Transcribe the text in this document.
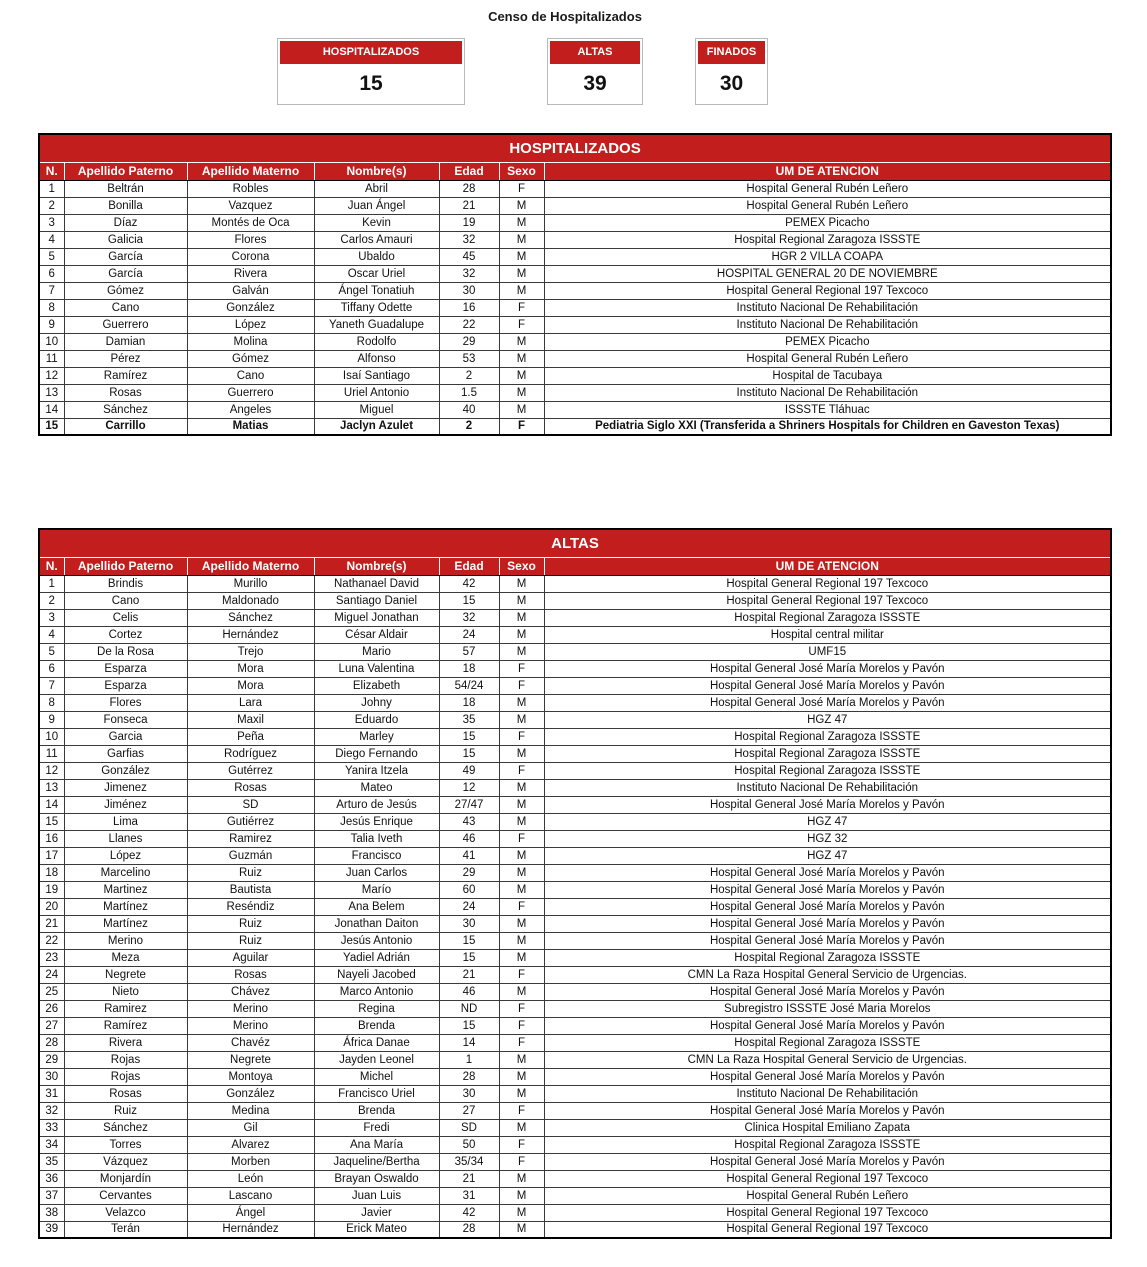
Censo de Hospitalizados
HOSPITALIZADOS
15
ALTAS
39
FINADOS
30
HOSPITALIZADOS						
N.	Apellido Paterno	Apellido Materno	Nombre(s)	Edad	Sexo	UM DE ATENCION
1	Beltrán	Robles	Abril	28	F	Hospital General Rubén Leñero
2	Bonilla	Vazquez	Juan Ángel	21	M	Hospital General Rubén Leñero
3	Díaz	Montés de Oca	Kevin	19	M	PEMEX Picacho
4	Galicia	Flores	Carlos Amauri	32	M	Hospital Regional Zaragoza ISSSTE
5	García	Corona	Ubaldo	45	M	HGR 2 VILLA COAPA
6	García	Rivera	Oscar Uriel	32	M	HOSPITAL GENERAL 20 DE NOVIEMBRE
7	Gómez	Galván	Ángel Tonatiuh	30	M	Hospital General Regional 197 Texcoco
8	Cano	González	Tiffany Odette	16	F	Instituto Nacional De Rehabilitación
9	Guerrero	López	Yaneth Guadalupe	22	F	Instituto Nacional De Rehabilitación
10	Damian	Molina	Rodolfo	29	M	PEMEX Picacho
11	Pérez	Gómez	Alfonso	53	M	Hospital General Rubén Leñero
12	Ramírez	Cano	Isaí Santiago	2	M	Hospital de Tacubaya
13	Rosas	Guerrero	Uriel Antonio	1.5	M	Instituto Nacional De Rehabilitación
14	Sánchez	Angeles	Miguel	40	M	ISSSTE Tláhuac
15	Carrillo	Matias	Jaclyn Azulet	2	F	Pediatria Siglo XXI (Transferida a Shriners Hospitals for Children en Gaveston Texas)
ALTAS						
N.	Apellido Paterno	Apellido Materno	Nombre(s)	Edad	Sexo	UM DE ATENCION
1	Brindis	Murillo	Nathanael David	42	M	Hospital General Regional 197 Texcoco
2	Cano	Maldonado	Santiago Daniel	15	M	Hospital General Regional 197 Texcoco
3	Celis	Sánchez	Miguel Jonathan	32	M	Hospital Regional Zaragoza ISSSTE
4	Cortez	Hernández	César Aldair	24	M	Hospital central militar
5	De la Rosa	Trejo	Mario	57	M	UMF15
6	Esparza	Mora	Luna Valentina	18	F	Hospital General José María Morelos y Pavón
7	Esparza	Mora	Elizabeth	54/24	F	Hospital General José María Morelos y Pavón
8	Flores	Lara	Johny	18	M	Hospital General José María Morelos y Pavón
9	Fonseca	Maxil	Eduardo	35	M	HGZ 47
10	Garcia	Peña	Marley	15	F	Hospital Regional Zaragoza ISSSTE
11	Garfias	Rodríguez	Diego Fernando	15	M	Hospital Regional Zaragoza ISSSTE
12	González	Gutérrez	Yanira Itzela	49	F	Hospital Regional Zaragoza ISSSTE
13	Jimenez	Rosas	Mateo	12	M	Instituto Nacional De Rehabilitación
14	Jiménez	SD	Arturo de Jesús	27/47	M	Hospital General José María Morelos y Pavón
15	Lima	Gutiérrez	Jesús Enrique	43	M	HGZ 47
16	Llanes	Ramirez	Talia Iveth	46	F	HGZ 32
17	López	Guzmán	Francisco	41	M	HGZ 47
18	Marcelino	Ruiz	Juan Carlos	29	M	Hospital General José María Morelos y Pavón
19	Martinez	Bautista	Marío	60	M	Hospital General José María Morelos y Pavón
20	Martínez	Reséndiz	Ana Belem	24	F	Hospital General José María Morelos y Pavón
21	Martínez	Ruiz	Jonathan Daiton	30	M	Hospital General José María Morelos y Pavón
22	Merino	Ruiz	Jesús Antonio	15	M	Hospital General José María Morelos y Pavón
23	Meza	Aguilar	Yadiel Adrián	15	M	Hospital Regional Zaragoza ISSSTE
24	Negrete	Rosas	Nayeli Jacobed	21	F	CMN La Raza Hospital General Servicio de Urgencias.
25	Nieto	Chávez	Marco Antonio	46	M	Hospital General José María Morelos y Pavón
26	Ramirez	Merino	Regina	ND	F	Subregistro ISSSTE José Maria Morelos
27	Ramírez	Merino	Brenda	15	F	Hospital General José María Morelos y Pavón
28	Rivera	Chavéz	África Danae	14	F	Hospital Regional Zaragoza ISSSTE
29	Rojas	Negrete	Jayden Leonel	1	M	CMN La Raza Hospital General Servicio de Urgencias.
30	Rojas	Montoya	Michel	28	M	Hospital General José María Morelos y Pavón
31	Rosas	González	Francisco Uriel	30	M	Instituto Nacional De Rehabilitación
32	Ruiz	Medina	Brenda	27	F	Hospital General José María Morelos y Pavón
33	Sánchez	Gil	Fredi	SD	M	Clinica Hospital Emiliano Zapata
34	Torres	Alvarez	Ana María	50	F	Hospital Regional Zaragoza ISSSTE
35	Vázquez	Morben	Jaqueline/Bertha	35/34	F	Hospital General José María Morelos y Pavón
36	Monjardín	León	Brayan Oswaldo	21	M	Hospital General Regional 197 Texcoco
37	Cervantes	Lascano	Juan Luis	31	M	Hospital General Rubén Leñero
38	Velazco	Ángel	Javier	42	M	Hospital General Regional 197 Texcoco
39	Terán	Hernández	Erick Mateo	28	M	Hospital General Regional 197 Texcoco
